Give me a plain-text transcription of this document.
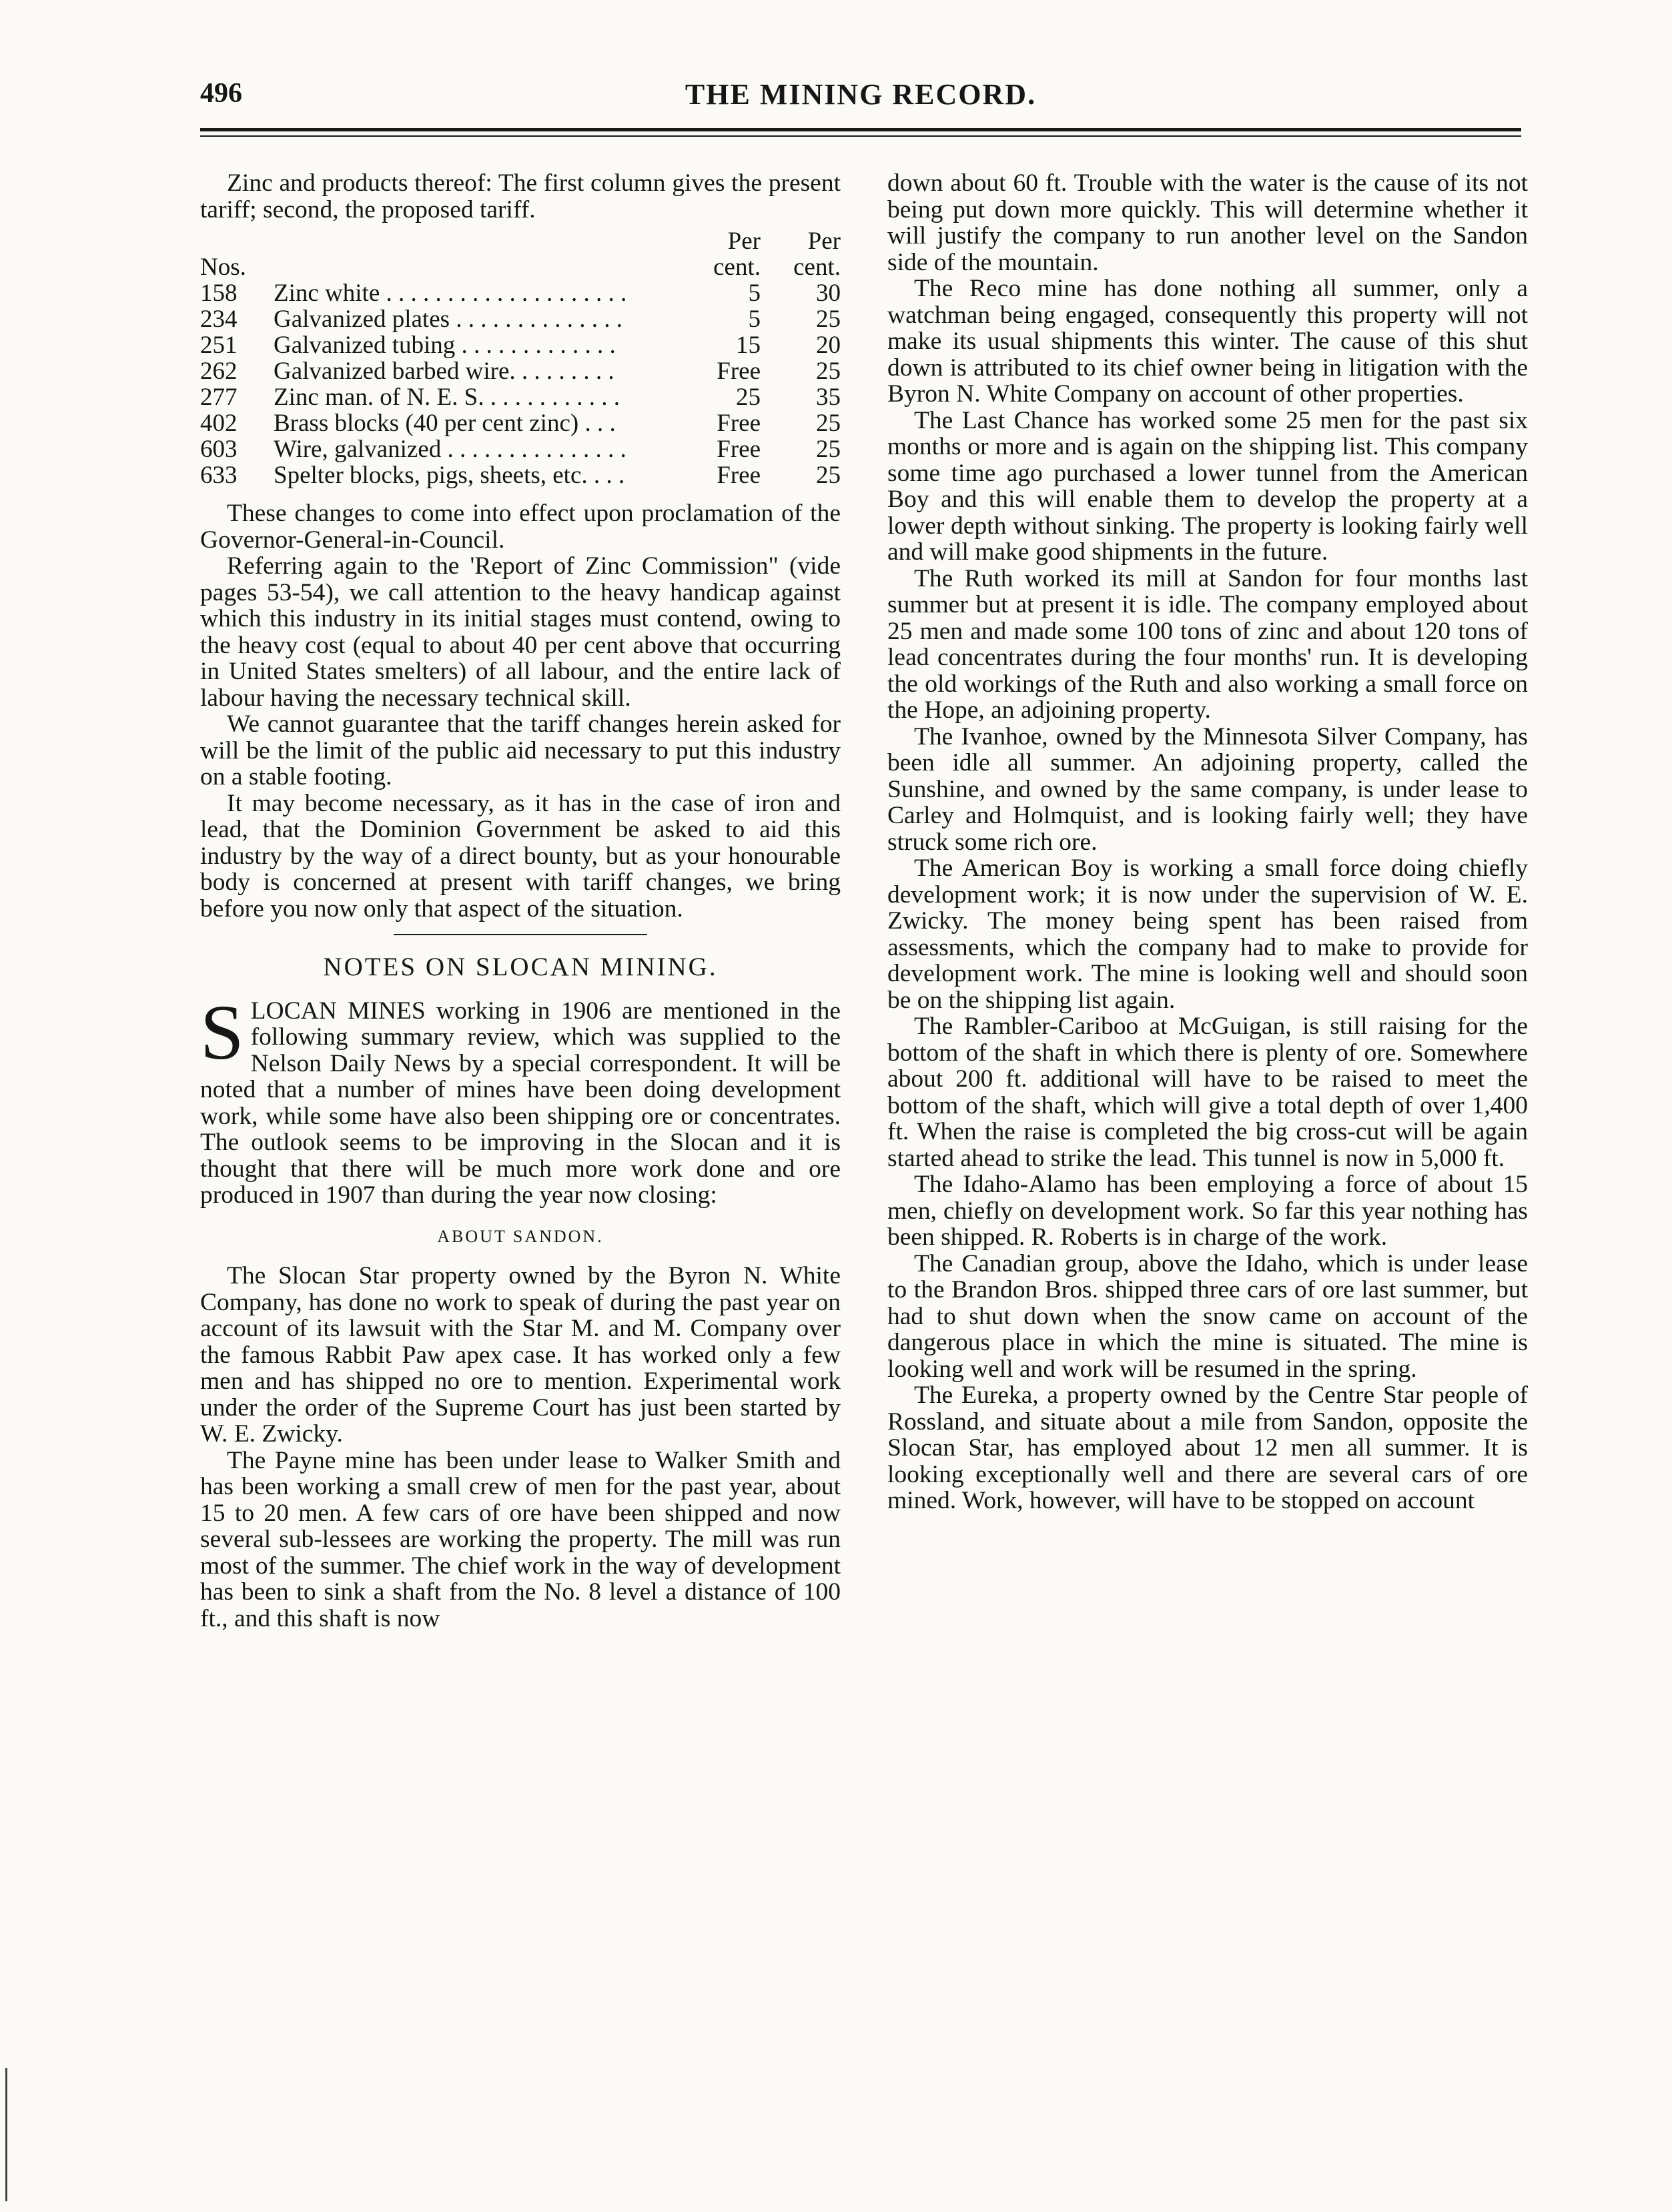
THE MINING RECORD.
496

Zinc and products thereof: The first column gives the present tariff; second, the proposed tariff.

		Per	Per
Nos.		cent.	cent.
158	Zinc white . . . . . . . . . . . . . . . . . . . .	5	30
234	Galvanized plates . . . . . . . . . . . . . .	5	25
251	Galvanized tubing . . . . . . . . . . . . .	15	20
262	Galvanized barbed wire. . . . . . . . .	Free	25
277	Zinc man. of N. E. S. . . . . . . . . . . .	25	35
402	Brass blocks (40 per cent zinc) . . .	Free	25
603	Wire, galvanized . . . . . . . . . . . . . . .	Free	25
633	Spelter blocks, pigs, sheets, etc. . . .	Free	25

These changes to come into effect upon proclamation of the Governor-General-in-Council.

Referring again to the 'Report of Zinc Commission" (vide pages 53-54), we call attention to the heavy handicap against which this industry in its initial stages must contend, owing to the heavy cost (equal to about 40 per cent above that occurring in United States smelters) of all labour, and the entire lack of labour having the necessary technical skill.

We cannot guarantee that the tariff changes herein asked for will be the limit of the public aid necessary to put this industry on a stable footing.

It may become necessary, as it has in the case of iron and lead, that the Dominion Government be asked to aid this industry by the way of a direct bounty, but as your honourable body is concerned at present with tariff changes, we bring before you now only that aspect of the situation.

NOTES ON SLOCAN MINING.

SLOCAN MINES working in 1906 are mentioned in the following summary review, which was supplied to the Nelson Daily News by a special correspondent. It will be noted that a number of mines have been doing development work, while some have also been shipping ore or concentrates. The outlook seems to be improving in the Slocan and it is thought that there will be much more work done and ore produced in 1907 than during the year now closing:

ABOUT SANDON.

The Slocan Star property owned by the Byron N. White Company, has done no work to speak of during the past year on account of its lawsuit with the Star M. and M. Company over the famous Rabbit Paw apex case. It has worked only a few men and has shipped no ore to mention. Experimental work under the order of the Supreme Court has just been started by W. E. Zwicky.

The Payne mine has been under lease to Walker Smith and has been working a small crew of men for the past year, about 15 to 20 men. A few cars of ore have been shipped and now several sub-lessees are working the property. The mill was run most of the summer. The chief work in the way of development has been to sink a shaft from the No. 8 level a distance of 100 ft., and this shaft is now

down about 60 ft. Trouble with the water is the cause of its not being put down more quickly. This will determine whether it will justify the company to run another level on the Sandon side of the mountain.

The Reco mine has done nothing all summer, only a watchman being engaged, consequently this property will not make its usual shipments this winter. The cause of this shut down is attributed to its chief owner being in litigation with the Byron N. White Company on account of other properties.

The Last Chance has worked some 25 men for the past six months or more and is again on the shipping list. This company some time ago purchased a lower tunnel from the American Boy and this will enable them to develop the property at a lower depth without sinking. The property is looking fairly well and will make good shipments in the future.

The Ruth worked its mill at Sandon for four months last summer but at present it is idle. The company employed about 25 men and made some 100 tons of zinc and about 120 tons of lead concentrates during the four months' run. It is developing the old workings of the Ruth and also working a small force on the Hope, an adjoining property.

The Ivanhoe, owned by the Minnesota Silver Company, has been idle all summer. An adjoining property, called the Sunshine, and owned by the same company, is under lease to Carley and Holmquist, and is looking fairly well; they have struck some rich ore.

The American Boy is working a small force doing chiefly development work; it is now under the supervision of W. E. Zwicky. The money being spent has been raised from assessments, which the company had to make to provide for development work. The mine is looking well and should soon be on the shipping list again.

The Rambler-Cariboo at McGuigan, is still raising for the bottom of the shaft in which there is plenty of ore. Somewhere about 200 ft. additional will have to be raised to meet the bottom of the shaft, which will give a total depth of over 1,400 ft. When the raise is completed the big cross-cut will be again started ahead to strike the lead. This tunnel is now in 5,000 ft.

The Idaho-Alamo has been employing a force of about 15 men, chiefly on development work. So far this year nothing has been shipped. R. Roberts is in charge of the work.

The Canadian group, above the Idaho, which is under lease to the Brandon Bros. shipped three cars of ore last summer, but had to shut down when the snow came on account of the dangerous place in which the mine is situated. The mine is looking well and work will be resumed in the spring.

The Eureka, a property owned by the Centre Star people of Rossland, and situate about a mile from Sandon, opposite the Slocan Star, has employed about 12 men all summer. It is looking exceptionally well and there are several cars of ore mined. Work, however, will have to be stopped on account
